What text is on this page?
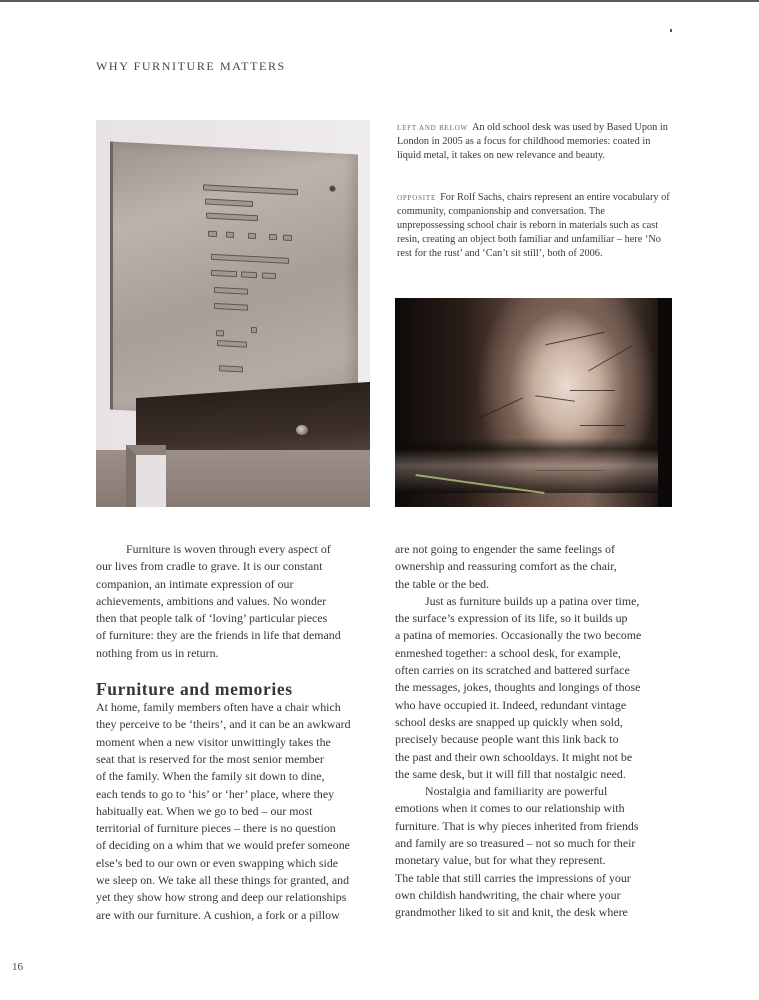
WHY FURNITURE MATTERS
LEFT AND BELOW An old school desk was used by Based Upon in London in 2005 as a focus for childhood memories: coated in liquid metal, it takes on new relevance and beauty.
OPPOSITE For Rolf Sachs, chairs represent an entire vocabulary of community, companionship and conversation. The unprepossessing school chair is reborn in materials such as cast resin, creating an object both familiar and unfamiliar – here ‘No rest for the rust’ and ‘Can’t sit still’, both of 2006.

Furniture is woven through every aspect of
our lives from cradle to grave. It is our constant
companion, an intimate expression of our
achievements, ambitions and values. No wonder
then that people talk of ‘loving’ particular pieces
of furniture: they are the friends in life that demand
nothing from us in return.

Furniture and memories

At home, family members often have a chair which
they perceive to be ‘theirs’, and it can be an awkward
moment when a new visitor unwittingly takes the
seat that is reserved for the most senior member
of the family. When the family sit down to dine,
each tends to go to ‘his’ or ‘her’ place, where they
habitually eat. When we go to bed – our most
territorial of furniture pieces – there is no question
of deciding on a whim that we would prefer someone
else’s bed to our own or even swapping which side
we sleep on. We take all these things for granted, and
yet they show how strong and deep our relationships
are with our furniture. A cushion, a fork or a pillow

are not going to engender the same feelings of
ownership and reassuring comfort as the chair,
the table or the bed.

Just as furniture builds up a patina over time,
the surface’s expression of its life, so it builds up
a patina of memories. Occasionally the two become
enmeshed together: a school desk, for example,
often carries on its scratched and battered surface
the messages, jokes, thoughts and longings of those
who have occupied it. Indeed, redundant vintage
school desks are snapped up quickly when sold,
precisely because people want this link back to
the past and their own schooldays. It might not be
the same desk, but it will fill that nostalgic need.

Nostalgia and familiarity are powerful
emotions when it comes to our relationship with
furniture. That is why pieces inherited from friends
and family are so treasured – not so much for their
monetary value, but for what they represent.
The table that still carries the impressions of your
own childish handwriting, the chair where your
grandmother liked to sit and knit, the desk where

16
